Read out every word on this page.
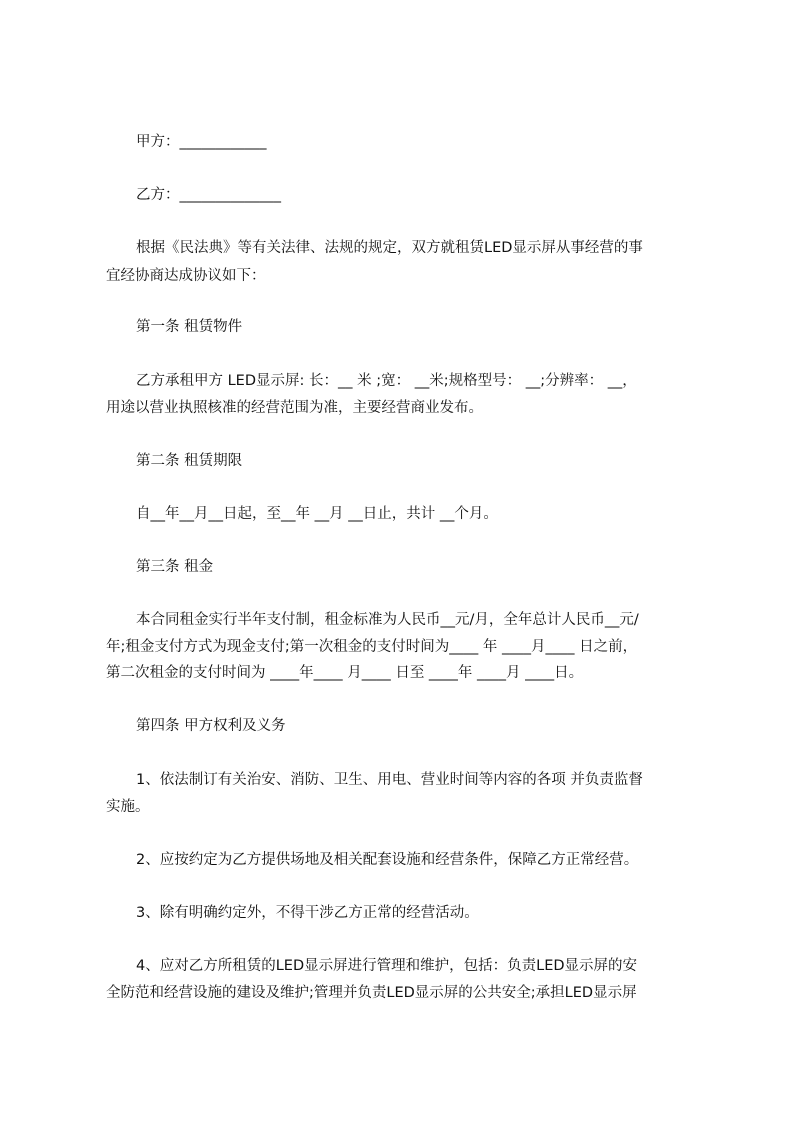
甲方：____________
乙方：______________
根据《民法典》等有关法律、法规的规定，双方就租赁LED显示屏从事经营的事
宜经协商达成协议如下：
第一条 租赁物件
乙方承租甲方 LED显示屏: 长：__ 米 ;宽： __米;规格型号： __;分辨率： __，
用途以营业执照核准的经营范围为准，主要经营商业发布。
第二条 租赁期限
自__年__月__日起，至__年 __月 __日止，共计 __个月。
第三条 租金
本合同租金实行半年支付制，租金标准为人民币__元/月，全年总计人民币__元/
年;租金支付方式为现金支付;第一次租金的支付时间为____ 年 ____月____ 日之前，
第二次租金的支付时间为 ____年____ 月____ 日至 ____年 ____月 ____日。
第四条 甲方权利及义务
1、依法制订有关治安、消防、卫生、用电、营业时间等内容的各项 并负责监督
实施。
2、应按约定为乙方提供场地及相关配套设施和经营条件，保障乙方正常经营。
3、除有明确约定外，不得干涉乙方正常的经营活动。
4、应对乙方所租赁的LED显示屏进行管理和维护，包括：负责LED显示屏的安
全防范和经营设施的建设及维护;管理并负责LED显示屏的公共安全;承担LED显示屏
